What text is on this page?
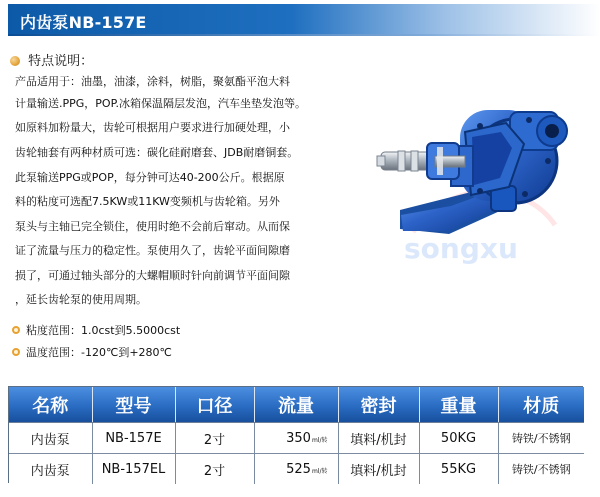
内齿泵NB-157E
特点说明：
产品适用于：油墨，油漆，涂料，树脂，聚氨酯平泡大料
计量输送.PPG，POP.冰箱保温隔层发泡，汽车坐垫发泡等。
如原料加粉量大，齿轮可根据用户要求进行加硬处理，小
齿轮轴套有两种材质可选：碳化硅耐磨套、JDB耐磨铜套。
此泵输送PPG或POP，每分钟可达40-200公斤。根据原
料的粘度可选配7.5KW或11KW变频机与齿轮箱。另外
泵头与主轴已完全锁住，使用时绝不会前后窜动。从而保
证了流量与压力的稳定性。泵使用久了，齿轮平面间隙磨
损了，可通过轴头部分的大螺帽顺时针向前调节平面间隙
，延长齿轮泵的使用周期。
粘度范围：1.0cst到5.5000cst
温度范围：-120℃到+280℃
songxu
名称	型号	口径	流量	密封	重量	材质
内齿泵	NB-157E	2寸	350ml/转	填料/机封	50KG	铸铁/不锈钢
内齿泵	NB-157EL	2寸	525ml/转	填料/机封	55KG	铸铁/不锈钢
